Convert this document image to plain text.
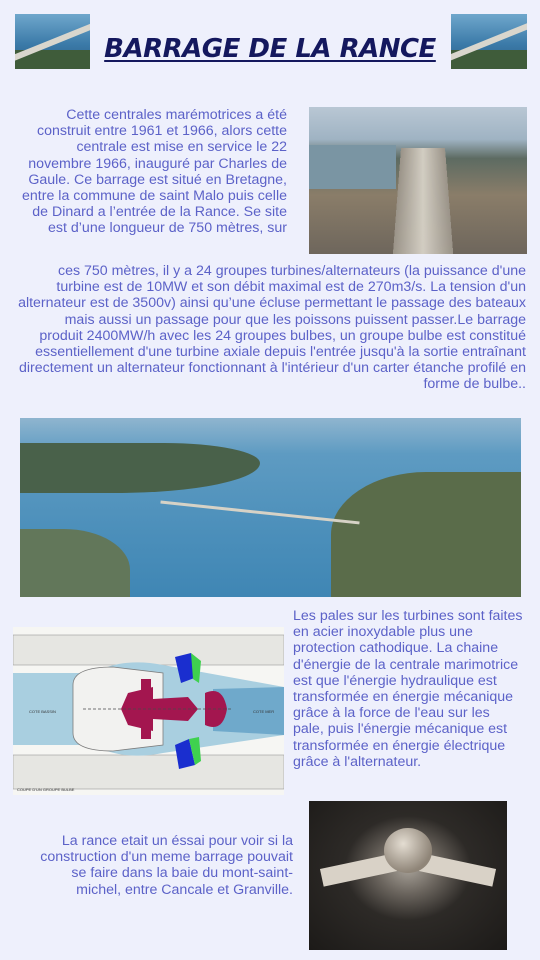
BARRAGE DE LA RANCE
Cette centrales marémotrices a été construit entre 1961 et 1966, alors cette centrale est mise en service le 22 novembre 1966, inauguré par Charles de Gaule. Ce barrage est situé en Bretagne, entre la commune de saint Malo puis celle de Dinard a l’entrée de la Rance. Se site est d’une longueur de 750 mètres, sur
ces 750 mètres, il y a 24 groupes turbines/alternateurs (la puissance d'une turbine est de 10MW et son débit maximal est de 270m3/s. La tension d'un alternateur est de 3500v) ainsi qu’une écluse permettant le passage des bateaux mais aussi un passage pour que les poissons puissent passer.Le barrage produit 2400MW/h avec les 24 groupes bulbes, un groupe bulbe est constitué essentiellement d'une turbine axiale depuis l'entrée jusqu'à la sortie entraînant directement un alternateur fonctionnant à l'intérieur d'un carter étanche profilé en forme de bulbe..
COTE BASSIN	COTE MER
COUPE D'UN GROUPE BULBE
Les pales sur les turbines sont faites en acier inoxydable plus une protection cathodique. La chaine d'énergie de la centrale marimotrice est que l'énergie hydraulique est transformée en énergie mécanique grâce à la force de l'eau sur les pale, puis l'énergie mécanique est transformée en énergie électrique grâce à l'alternateur.
La rance etait un éssai pour voir si la construction d'un meme barrage pouvait se faire dans la baie du mont-saint-michel, entre Cancale et Granville.
